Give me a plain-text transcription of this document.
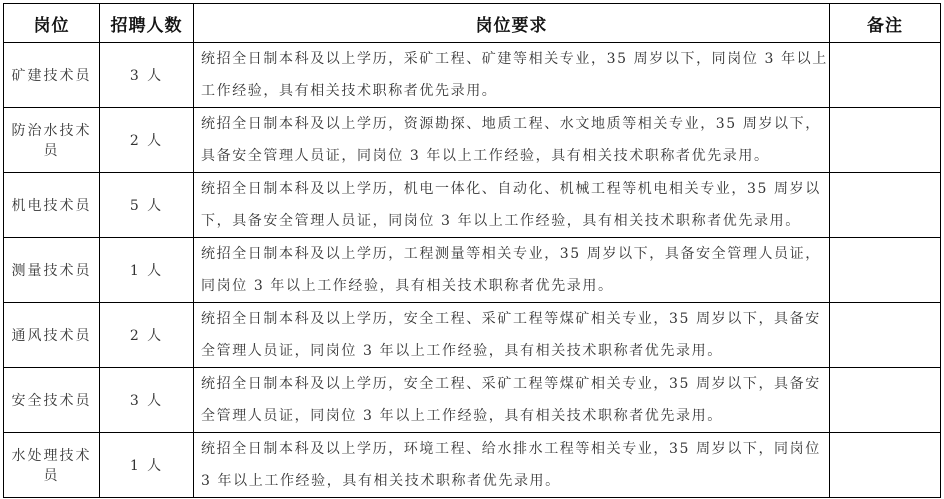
岗位	招聘人数	岗位要求	备注
矿建技术员	3 人	统招全日制本科及以上学历，采矿工程、矿建等相关专业，35 周岁以下，同岗位 3 年以上
工作经验，具有相关技术职称者优先录用。	

防治水技术员	2 人	统招全日制本科及以上学历，资源勘探、地质工程、水文地质等相关专业，35 周岁以下，
具备安全管理人员证，同岗位 3 年以上工作经验，具有相关技术职称者优先录用。	

机电技术员	5 人	统招全日制本科及以上学历，机电一体化、自动化、机械工程等机电相关专业，35 周岁以
下，具备安全管理人员证，同岗位 3 年以上工作经验，具有相关技术职称者优先录用。	

测量技术员	1 人	统招全日制本科及以上学历，工程测量等相关专业，35 周岁以下，具备安全管理人员证，
同岗位 3 年以上工作经验，具有相关技术职称者优先录用。	

通风技术员	2 人	统招全日制本科及以上学历，安全工程、采矿工程等煤矿相关专业，35 周岁以下，具备安
全管理人员证，同岗位 3 年以上工作经验，具有相关技术职称者优先录用。	

安全技术员	3 人	统招全日制本科及以上学历，安全工程、采矿工程等煤矿相关专业，35 周岁以下，具备安
全管理人员证，同岗位 3 年以上工作经验，具有相关技术职称者优先录用。	

水处理技术员	1 人	统招全日制本科及以上学历，环境工程、给水排水工程等相关专业，35 周岁以下，同岗位
3 年以上工作经验，具有相关技术职称者优先录用。	
